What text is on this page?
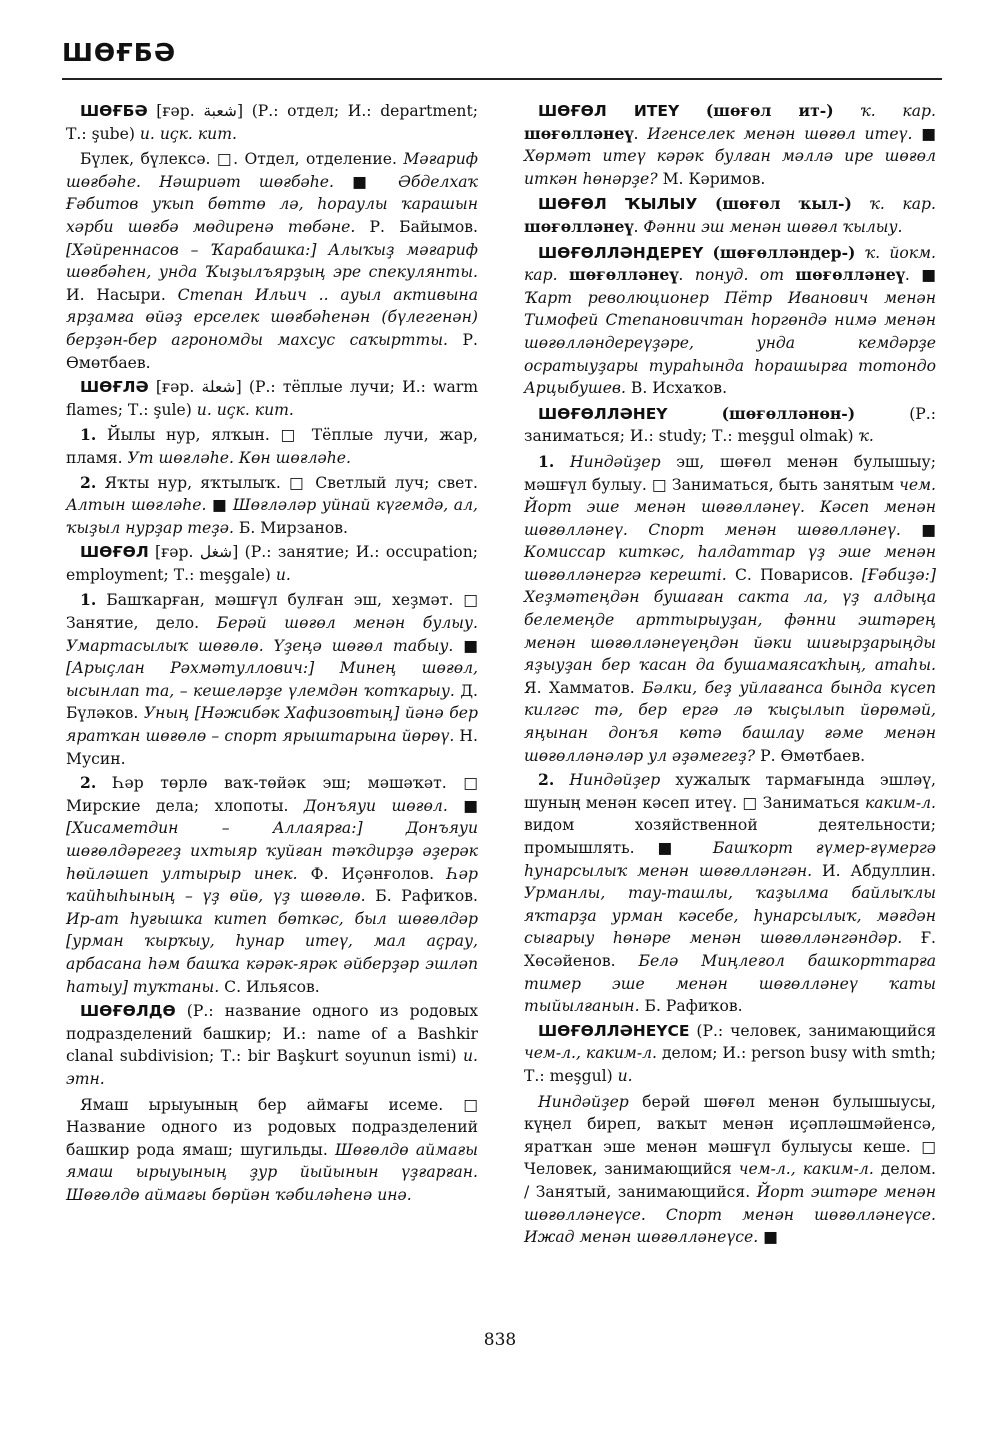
ШӨҒБӘ

ШӨҒБӘ [ғәр. شعبة] (Р.: отдел; И.: department; Т.: şube) и. иҫк. кит.

Бүлек, бүлексә. □. Отдел, отделение. Мәғариф шөғбәһе. Нәшриәт шөғбәһе. ■ Әбделхаҡ Ғәбитов уҡып бөттө лә, һораулы ҡарашын хәрби шөғбә мөдиренә төбәне. Р. Байымов. [Хәйреннасов – Ҡарабашка:] Алыҡыҙ мәғариф шөғбәһен, унда Ҡыҙылъярҙың эре спекулянты. И. Насыри. Степан Ильич .. ауыл активына ярҙамға өйәҙ ерселек шөғбәһенән (бүлегенән) берҙән-бер агрономды махсус саҡыртты. Р. Өмөтбаев.

ШӨҒЛӘ [ғәр. شعلة] (Р.: тёплые лучи; И.: warm flames; Т.: şule) и. иҫк. кит.

1. Йылы нур, ялҡын. □ Тёплые лучи, жар, пламя. Ут шөғләһе. Көн шөғләһе.

2. Яҡты нур, яҡтылыҡ. □ Светлый луч; свет. Алтын шөғләһе. ■ Шөғләләр уйнай күгемдә, ал, ҡыҙыл нурҙар теҙә. Б. Мирзанов.

ШӨҒӨЛ [ғәр. شغل] (Р.: занятие; И.: occupation; employment; Т.: meşgale) и.

1. Башҡарған, мәшғүл булған эш, хеҙмәт. □ Занятие, дело. Берәй шөғөл менән булыу. Умартасылыҡ шөғөлө. Үҙеңә шөғөл табыу. ■ [Арыҫлан Рәхмәтуллович:] Минең шөғөл, ысынлап та, – кешеләрҙе үлемдән ҡотҡарыу. Д. Бүләков. Уның [Нәжибәк Хафизовтың] йәнә бер яратҡан шөғөлө – спорт ярыштарына йөрөү. Н. Мусин.

2. Һәр төрлө ваҡ-төйәк эш; мәшәҡәт. □ Мирские дела; хлопоты. Донъяуи шөғөл. ■ [Хисаметдин – Аллаярға:] Донъяуи шөғөлдәрегеҙ ихтыяр ҡуйған тәҡдирҙә әҙерәк һөйләшеп ултырыр инек. Ф. Иҫәнғолов. Һәр ҡайһыһының – үҙ өйө, үҙ шөғөлө. Б. Рафиҡов. Ир-ат һуғышка китеп бөткәс, был шөғөлдәр [урман ҡырҡыу, һунар итеү, мал аҫрау, арбасана һәм башҡа кәрәк-ярәк әйберҙәр эшләп һатыу] туҡтаны. С. Ильясов.

ШӨҒӨЛДӨ (Р.: название одного из родовых подразделений башкир; И.: name of a Bashkir clanal subdivision; Т.: bir Başkurt soyunun ismi) и. этн.

Ямаш ырыуының бер аймағы исеме. □ Название одного из родовых подразделений башкир рода ямаш; шугильды. Шөғөлдө аймағы ямаш ырыуының ҙур йыйынын үҙғарған. Шөғөлдө аймағы бөрйән ҡәбиләһенә инә.

ШӨҒӨЛ ИТЕҮ (шөғөл ит-) ҡ. кар. шөғөлләнеү. Игенселек менән шөғөл итеү. ■ Хөрмәт итеү кәрәк булған мәллә ире шөғөл иткән һөнәрҙе? М. Кәримов.

ШӨҒӨЛ ҠЫЛЫУ (шөғөл ҡыл-) ҡ. кар. шөғөлләнеү. Фәнни эш менән шөғөл ҡылыу.

ШӨҒӨЛЛӘНДЕРЕҮ (шөғөлләндер-) ҡ. йокм. кар. шөғөлләнеү. понуд. от шөғөлләнеү. ■ Ҡарт революционер Пётр Иванович менән Тимофей Степановичтан һоргөндә нимә менән шөғөлләндереүҙәре, унда кемдәрҙе осратыуҙары тураһында һорашырға тотондо Арцыбушев. В. Исхаҡов.

ШӨҒӨЛЛӘНЕҮ	(шөғөлләнөн-) (Р.: заниматься; И.: study; Т.: meşgul olmak) ҡ.

1. Ниндәйҙер эш, шөғөл менән булышыу; мәшғүл булыу. □ Заниматься, быть занятым чем. Йорт эше менән шөғөлләнеү. Кәсеп менән шөғөлләнеү. Спорт менән шөғөлләнеү. ■ Комиссар киткәс, һалдаттар үҙ эше менән шөғөлләнергә керешті. С. Поварисов. [Ғәбиҙә:] Хеҙмәтеңдән бушаған сакта ла, үҙ алдыңа белемеңде арттырыуҙан, фәнни эштәрең менән шөғөлләнеүеңдән йәки шиғырҙарыңды яҙыуҙан бер ҡасан да бушамаясаҡһың, атаһы. Я. Хамматов. Бәлки, беҙ уйлағанса бында күсеп килгәс тә, бер ергә лә ҡыҫылып йөрөмәй, яңынан донъя көтә башлау ғәме менән шөғөлләнәләр ул әҙәмегеҙ? Р. Өмөтбаев.

2. Ниндәйҙер хужалыҡ тармағында эшләү, шуның менән кәсеп итеү. □ Заниматься каким-л. видом хозяйственной деятельности; промышлять. ■ Башҡорт ғүмер-ғүмергә һунарсылыҡ менән шөғөлләнгән. И. Абдуллин. Урманлы, тау-ташлы, ҡаҙылма байлыҡлы яҡтарҙа урман кәсебе, һунарсылыҡ, мәғдән сығарыу һөнәре менән шөғөлләнгәндәр. Ғ. Хөсәйенов. Белә Миңлеғол башкорттарға тимер эше менән шөғөлләнеү ҡаты тыйылғанын. Б. Рафиҡов.

ШӨҒӨЛЛӘНЕҮСЕ (Р.: человек, занимающийся чем-л., каким-л. делом; И.: person busy with smth; Т.: meşgul) и.

Ниндәйҙер берәй шөғөл менән булышыусы, күңел биреп, ваҡыт менән иҫәпләшмәйенсә, яратҡан эше менән мәшғүл булыусы кеше. □ Человек, занимающийся чем-л., каким-л. делом. / Занятый, занимающийся. Йорт эштәре менән шөғөлләнеүсе. Спорт менән шөғөлләнеүсе. Ижад менән шөғөлләнеүсе. ■

838
